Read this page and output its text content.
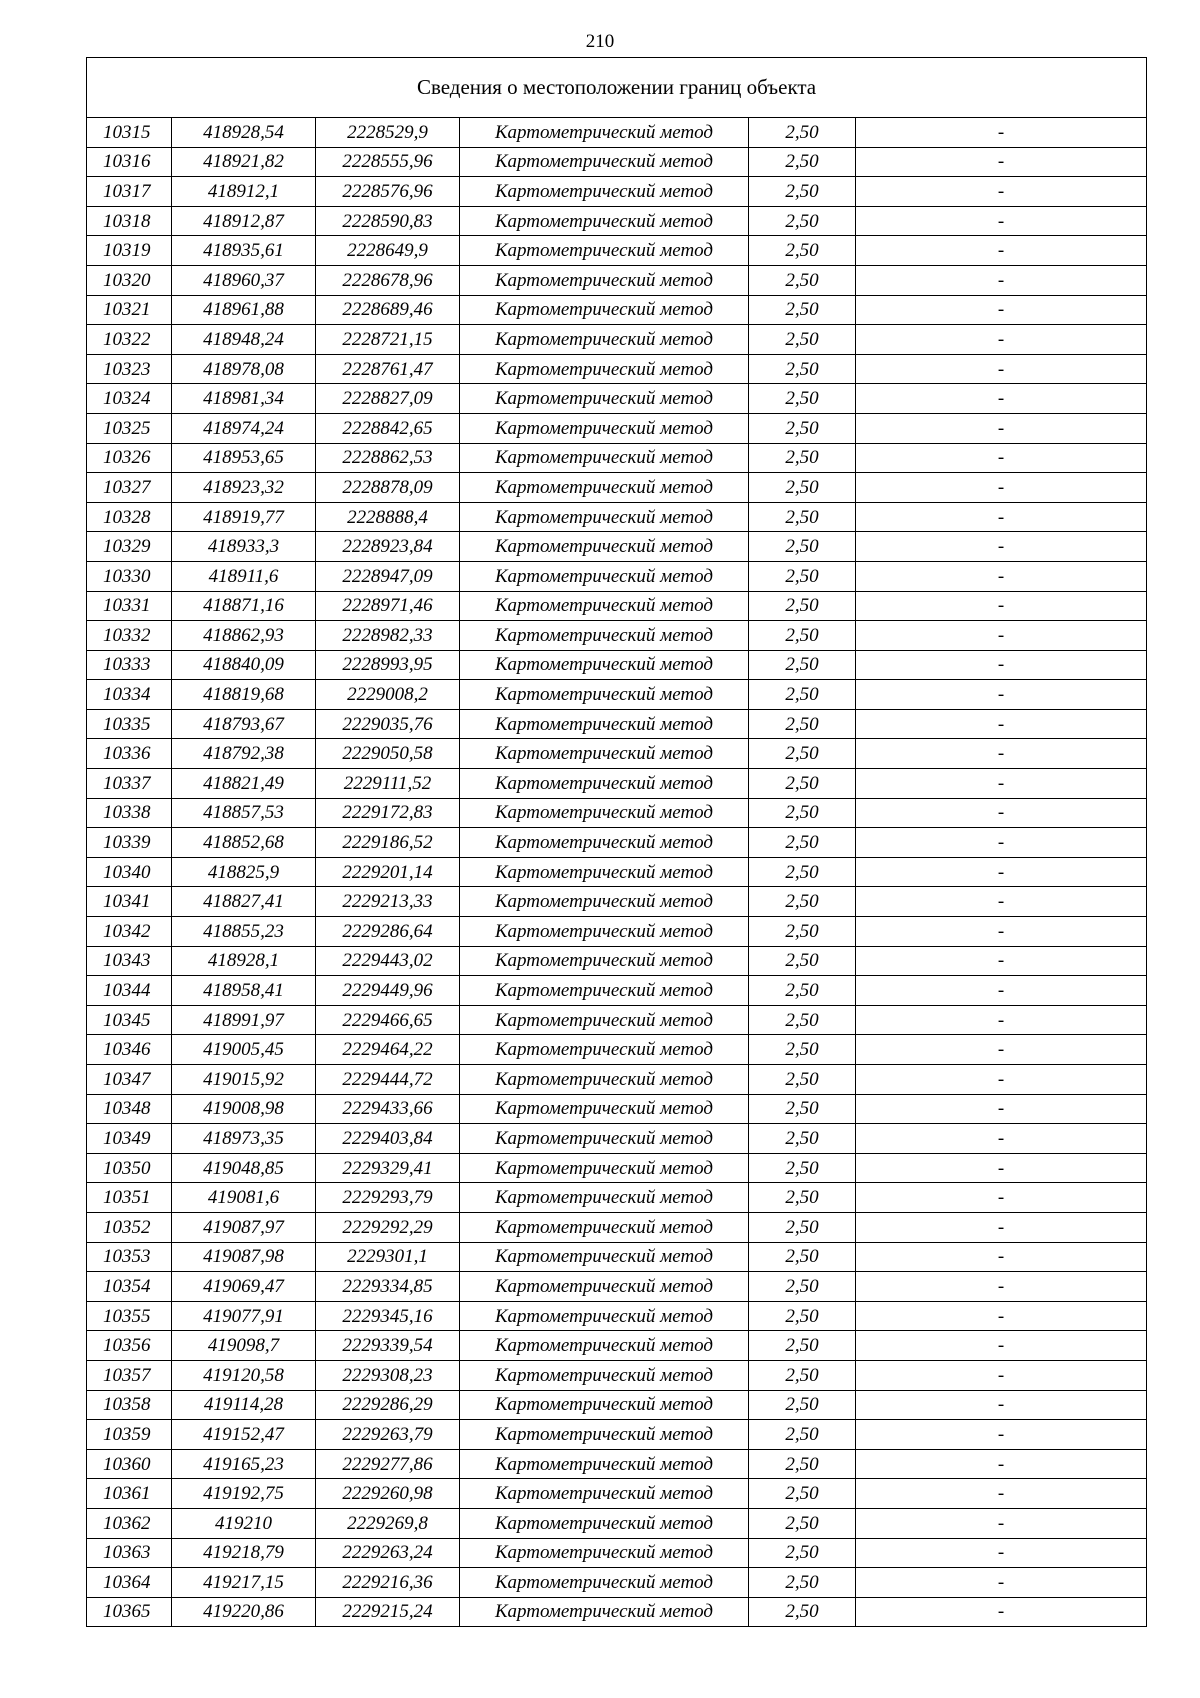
210
Сведения о местоположении границ объекта					
10315	418928,54	2228529,9	Картометрический метод	2,50	-
10316	418921,82	2228555,96	Картометрический метод	2,50	-
10317	418912,1	2228576,96	Картометрический метод	2,50	-
10318	418912,87	2228590,83	Картометрический метод	2,50	-
10319	418935,61	2228649,9	Картометрический метод	2,50	-
10320	418960,37	2228678,96	Картометрический метод	2,50	-
10321	418961,88	2228689,46	Картометрический метод	2,50	-
10322	418948,24	2228721,15	Картометрический метод	2,50	-
10323	418978,08	2228761,47	Картометрический метод	2,50	-
10324	418981,34	2228827,09	Картометрический метод	2,50	-
10325	418974,24	2228842,65	Картометрический метод	2,50	-
10326	418953,65	2228862,53	Картометрический метод	2,50	-
10327	418923,32	2228878,09	Картометрический метод	2,50	-
10328	418919,77	2228888,4	Картометрический метод	2,50	-
10329	418933,3	2228923,84	Картометрический метод	2,50	-
10330	418911,6	2228947,09	Картометрический метод	2,50	-
10331	418871,16	2228971,46	Картометрический метод	2,50	-
10332	418862,93	2228982,33	Картометрический метод	2,50	-
10333	418840,09	2228993,95	Картометрический метод	2,50	-
10334	418819,68	2229008,2	Картометрический метод	2,50	-
10335	418793,67	2229035,76	Картометрический метод	2,50	-
10336	418792,38	2229050,58	Картометрический метод	2,50	-
10337	418821,49	2229111,52	Картометрический метод	2,50	-
10338	418857,53	2229172,83	Картометрический метод	2,50	-
10339	418852,68	2229186,52	Картометрический метод	2,50	-
10340	418825,9	2229201,14	Картометрический метод	2,50	-
10341	418827,41	2229213,33	Картометрический метод	2,50	-
10342	418855,23	2229286,64	Картометрический метод	2,50	-
10343	418928,1	2229443,02	Картометрический метод	2,50	-
10344	418958,41	2229449,96	Картометрический метод	2,50	-
10345	418991,97	2229466,65	Картометрический метод	2,50	-
10346	419005,45	2229464,22	Картометрический метод	2,50	-
10347	419015,92	2229444,72	Картометрический метод	2,50	-
10348	419008,98	2229433,66	Картометрический метод	2,50	-
10349	418973,35	2229403,84	Картометрический метод	2,50	-
10350	419048,85	2229329,41	Картометрический метод	2,50	-
10351	419081,6	2229293,79	Картометрический метод	2,50	-
10352	419087,97	2229292,29	Картометрический метод	2,50	-
10353	419087,98	2229301,1	Картометрический метод	2,50	-
10354	419069,47	2229334,85	Картометрический метод	2,50	-
10355	419077,91	2229345,16	Картометрический метод	2,50	-
10356	419098,7	2229339,54	Картометрический метод	2,50	-
10357	419120,58	2229308,23	Картометрический метод	2,50	-
10358	419114,28	2229286,29	Картометрический метод	2,50	-
10359	419152,47	2229263,79	Картометрический метод	2,50	-
10360	419165,23	2229277,86	Картометрический метод	2,50	-
10361	419192,75	2229260,98	Картометрический метод	2,50	-
10362	419210	2229269,8	Картометрический метод	2,50	-
10363	419218,79	2229263,24	Картометрический метод	2,50	-
10364	419217,15	2229216,36	Картометрический метод	2,50	-
10365	419220,86	2229215,24	Картометрический метод	2,50	-
